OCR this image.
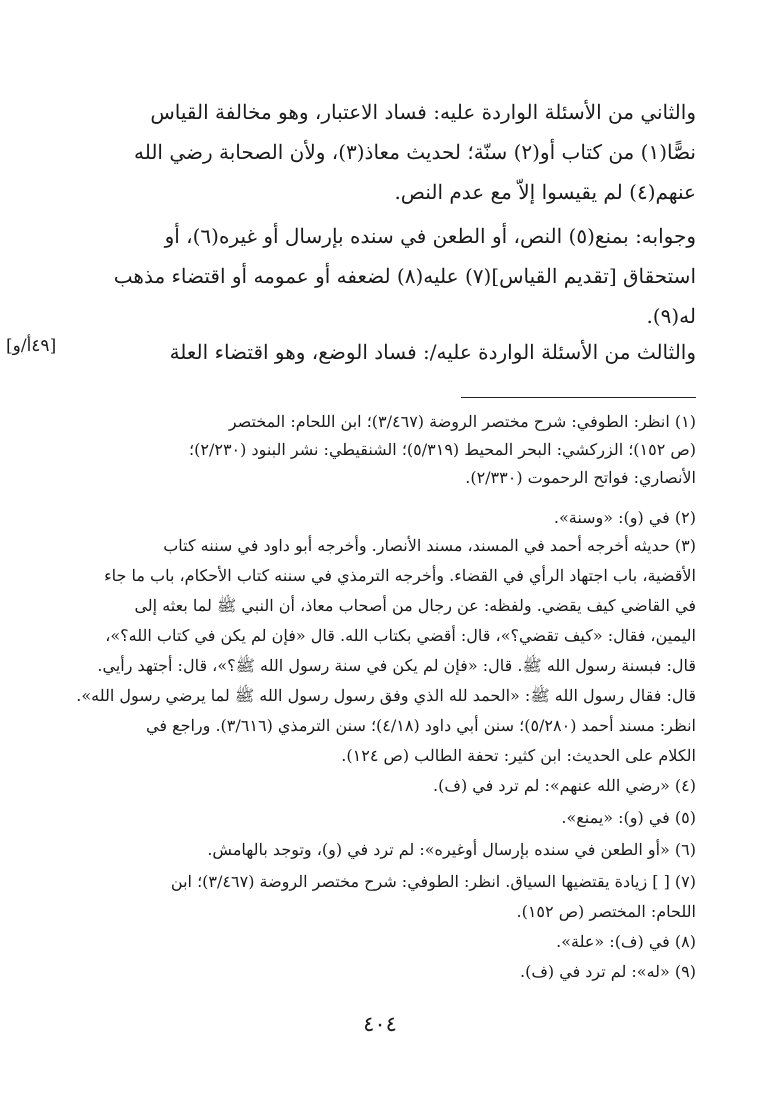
والثاني من الأسئلة الواردة عليه: فساد الاعتبار، وهو مخالفة القياس
نصًّا(١) من كتاب أو(٢) سنّة؛ لحديث معاذ(٣)، ولأن الصحابة رضي الله
عنهم(٤) لم يقيسوا إلاّ مع عدم النص.
وجوابه: بمنع(٥) النص، أو الطعن في سنده بإرسال أو غيره(٦)، أو
استحقاق [تقديم القياس](٧) عليه(٨) لضعفه أو عمومه أو اقتضاء مذهب
له(٩).
والثالث من الأسئلة الواردة عليه/: فساد الوضع، وهو اقتضاء العلة
[٤٩أ/و]
(١) انظر: الطوفي: شرح مختصر الروضة (٣/٤٦٧)؛ ابن اللحام: المختصر
(ص ١٥٢)؛ الزركشي: البحر المحيط (٥/٣١٩)؛ الشنقيطي: نشر البنود (٢/٢٣٠)؛
الأنصاري: فواتح الرحموت (٢/٣٣٠).
(٢) في (و): «وسنة».
(٣) حديثه أخرجه أحمد في المسند، مسند الأنصار. وأخرجه أبو داود في سننه كتاب
الأقضية، باب اجتهاد الرأي في القضاء. وأخرجه الترمذي في سننه كتاب الأحكام، باب ما جاء
في القاضي كيف يقضي. ولفظه: عن رجال من أصحاب معاذ، أن النبي ﷺ لما بعثه إلى
اليمين، فقال: «كيف تقضي؟»، قال: أقضي بكتاب الله. قال «فإن لم يكن في كتاب الله؟»،
قال: فبسنة رسول الله ﷺ. قال: «فإن لم يكن في سنة رسول الله ﷺ؟»، قال: أجتهد رأيي.
قال: فقال رسول الله ﷺ: «الحمد لله الذي وفق رسول رسول الله ﷺ لما يرضي رسول الله».
انظر: مسند أحمد (٥/٢٨٠)؛ سنن أبي داود (٤/١٨)؛ سنن الترمذي (٣/٦١٦). وراجع في
الكلام على الحديث: ابن كثير: تحفة الطالب (ص ١٢٤).
(٤) «رضي الله عنهم»: لم ترد في (ف).
(٥) في (و): «يمنع».
(٦) «أو الطعن في سنده بإرسال أوغيره»: لم ترد في (و)، وتوجد بالهامش.
(٧) [ ] زيادة يقتضيها السياق. انظر: الطوفي: شرح مختصر الروضة (٣/٤٦٧)؛ ابن
اللحام: المختصر (ص ١٥٢).
(٨) في (ف): «علة».
(٩) «له»: لم ترد في (ف).
٤٠٤
